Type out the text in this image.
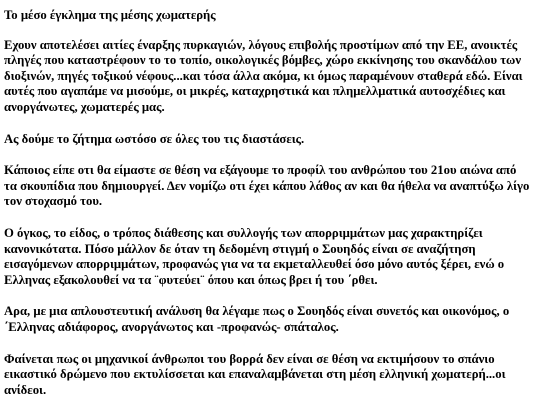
Το μέσο έγκλημα της μέσης χωματερής

Εχουν αποτελέσει αιτίες έναρξης πυρκαγιών, λόγους επιβολής προστίμων από την ΕΕ, ανοικτές πληγές που καταστρέφουν το το τοπίο, οικολογικές βόμβες, χώρο εκκίνησης του σκανδάλου των διοξινών, πηγές τοξικού νέφους...και τόσα άλλα ακόμα, κι όμως παραμένουν σταθερά εδώ. Είναι αυτές που αγαπάμε να μισούμε, οι μικρές, καταχρηστικά και πλημελλματικά αυτοσχέδιες και ανοργάνωτες, χωματερές μας.

Ας δούμε το ζήτημα ωστόσο σε όλες του τις διαστάσεις.

Κάποιος είπε οτι θα είμαστε σε θέση να εξάγουμε το προφίλ του ανθρώπου του 21ου αιώνα από τα σκουπίδια που δημιουργεί. Δεν νομίζω οτι έχει κάπου λάθος αν και θα ήθελα να αναπτύξω λίγο τον στοχασμό του.

Ο όγκος, το είδος, ο τρόπος διάθεσης και συλλογής των απορριμμάτων μας χαρακτηρίζει κανονικότατα. Πόσο μάλλον δε όταν τη δεδομένη στιγμή ο Σουηδός είναι σε αναζήτηση εισαγόμενων απορριμμάτων, προφανώς για να τα εκμεταλλευθεί όσο μόνο αυτός ξέρει, ενώ ο Ελληνας εξακολουθεί να τα ¨φυτεύει¨ όπου και όπως βρει ή του ΄ρθει.

Αρα, με μια απλουστευτική ανάλυση θα λέγαμε πως ο Σουηδός είναι συνετός και οικονόμος, ο ΄Ελληνας αδιάφορος, ανοργάνωτος και -προφανώς- σπάταλος.

Φαίνεται πως οι μηχανικοί άνθρωποι του βορρά δεν είναι σε θέση να εκτιμήσουν το σπάνιο εικαστικό δρώμενο που εκτυλίσσεται και επαναλαμβάνεται στη μέση ελληνική χωματερή...οι ανίδεοι.
